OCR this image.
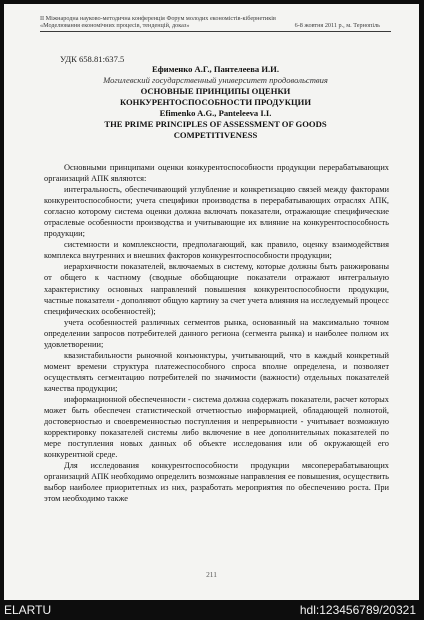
II Міжнародна науково-методична конференція Форум молодих економістів-кібернетиків
«Моделювання економічних процесів, тенденцій, доказ»	6-8 жовтня 2011 р., м. Тернопіль
УДК 658.81:637.5
Ефименко А.Г., Пантелеева И.И.
Могилевский государственный университет продовольствия
ОСНОВНЫЕ ПРИНЦИПЫ ОЦЕНКИ
КОНКУРЕНТОСПОСОБНОСТИ ПРОДУКЦИИ
Efimenko A.G., Panteleeva I.I.
THE PRIME PRINCIPLES OF ASSESSMENT OF GOODS
COMPETITIVENESS

Основными принципами оценки конкурентоспособности продукции перерабатывающих организаций АПК являются:

интегральность, обеспечивающий углубление и конкретизацию связей между факторами конкурентоспособности; учета специфики производства в перерабатывающих отраслях АПК, согласно которому система оценки должна включать показатели, отражающие специфические отраслевые особенности производства и учитывающие их влияние на конкурентоспособность продукции;

системности и комплексности, предполагающий, как правило, оценку взаимодействия комплекса внутренних и внешних факторов конкурентоспособности продукции;

иерархичности показателей, включаемых в систему, которые должны быть ранжированы от общего к частному (сводные обобщающие показатели отражают интегральную характеристику основных направлений повышения конкурентоспособности продукции, частные показатели - дополняют общую картину за счет учета влияния на исследуемый процесс специфических особенностей);

учета особенностей различных сегментов рынка, основанный на максимально точном определении запросов потребителей данного региона (сегмента рынка) и наиболее полном их удовлетворении;

квазистабильности рыночной конъюнктуры, учитывающий, что в каждый конкретный момент времени структура платежеспособного спроса вполне определена, и позволяет осуществлять сегментацию потребителей по значимости (важности) отдельных показателей качества продукции;

информационной обеспеченности - система должна содержать показатели, расчет которых может быть обеспечен статистической отчетностью информацией, обладающей полнотой, достоверностью и своевременностью поступления и непрерывности - учитывает возможную корректировку показателей системы либо включение в нее дополнительных показателей по мере поступления новых данных об объекте исследования или об окружающей его конкурентной среде.

Для исследования конкурентоспособности продукции мясоперерабатывающих организаций АПК необходимо определить возможные направления ее повышения, осуществить выбор наиболее приоритетных из них, разработать мероприятия по обеспечению роста. При этом необходимо также

211
ELARTU	hdl:123456789/20321
